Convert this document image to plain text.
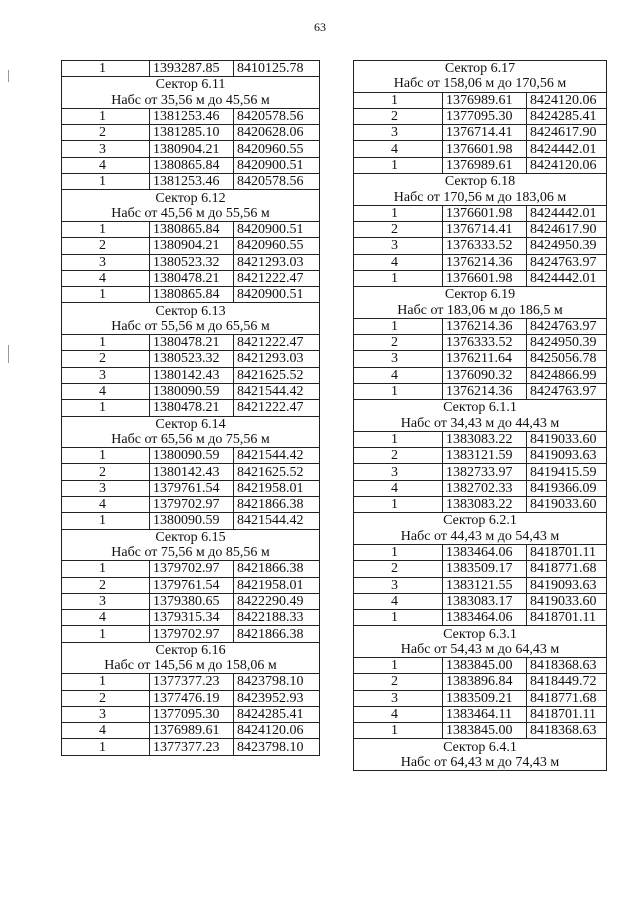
63
1	1393287.85	8410125.78
Сектор 6.11		
Набс от 35,56 м до 45,56 м		
1	1381253.46	8420578.56
2	1381285.10	8420628.06
3	1380904.21	8420960.55
4	1380865.84	8420900.51
1	1381253.46	8420578.56
Сектор 6.12		
Набс от 45,56 м до 55,56 м		
1	1380865.84	8420900.51
2	1380904.21	8420960.55
3	1380523.32	8421293.03
4	1380478.21	8421222.47
1	1380865.84	8420900.51
Сектор 6.13		
Набс от 55,56 м до 65,56 м		
1	1380478.21	8421222.47
2	1380523.32	8421293.03
3	1380142.43	8421625.52
4	1380090.59	8421544.42
1	1380478.21	8421222.47
Сектор 6.14		
Набс от 65,56 м до 75,56 м		
1	1380090.59	8421544.42
2	1380142.43	8421625.52
3	1379761.54	8421958.01
4	1379702.97	8421866.38
1	1380090.59	8421544.42
Сектор 6.15		
Набс от 75,56 м до 85,56 м		
1	1379702.97	8421866.38
2	1379761.54	8421958.01
3	1379380.65	8422290.49
4	1379315.34	8422188.33
1	1379702.97	8421866.38
Сектор 6.16		
Набс от 145,56 м до 158,06 м		
1	1377377.23	8423798.10
2	1377476.19	8423952.93
3	1377095.30	8424285.41
4	1376989.61	8424120.06
1	1377377.23	8423798.10
Сектор 6.17		
Набс от 158,06 м до 170,56 м		
1	1376989.61	8424120.06
2	1377095.30	8424285.41
3	1376714.41	8424617.90
4	1376601.98	8424442.01
1	1376989.61	8424120.06
Сектор 6.18		
Набс от 170,56 м до 183,06 м		
1	1376601.98	8424442.01
2	1376714.41	8424617.90
3	1376333.52	8424950.39
4	1376214.36	8424763.97
1	1376601.98	8424442.01
Сектор 6.19		
Набс от 183,06 м до 186,5 м		
1	1376214.36	8424763.97
2	1376333.52	8424950.39
3	1376211.64	8425056.78
4	1376090.32	8424866.99
1	1376214.36	8424763.97
Сектор 6.1.1		
Набс от 34,43 м до 44,43 м		
1	1383083.22	8419033.60
2	1383121.59	8419093.63
3	1382733.97	8419415.59
4	1382702.33	8419366.09
1	1383083.22	8419033.60
Сектор 6.2.1		
Набс от 44,43 м до 54,43 м		
1	1383464.06	8418701.11
2	1383509.17	8418771.68
3	1383121.55	8419093.63
4	1383083.17	8419033.60
1	1383464.06	8418701.11
Сектор 6.3.1		
Набс от 54,43 м до 64,43 м		
1	1383845.00	8418368.63
2	1383896.84	8418449.72
3	1383509.21	8418771.68
4	1383464.11	8418701.11
1	1383845.00	8418368.63
Сектор 6.4.1		
Набс от 64,43 м до 74,43 м		
